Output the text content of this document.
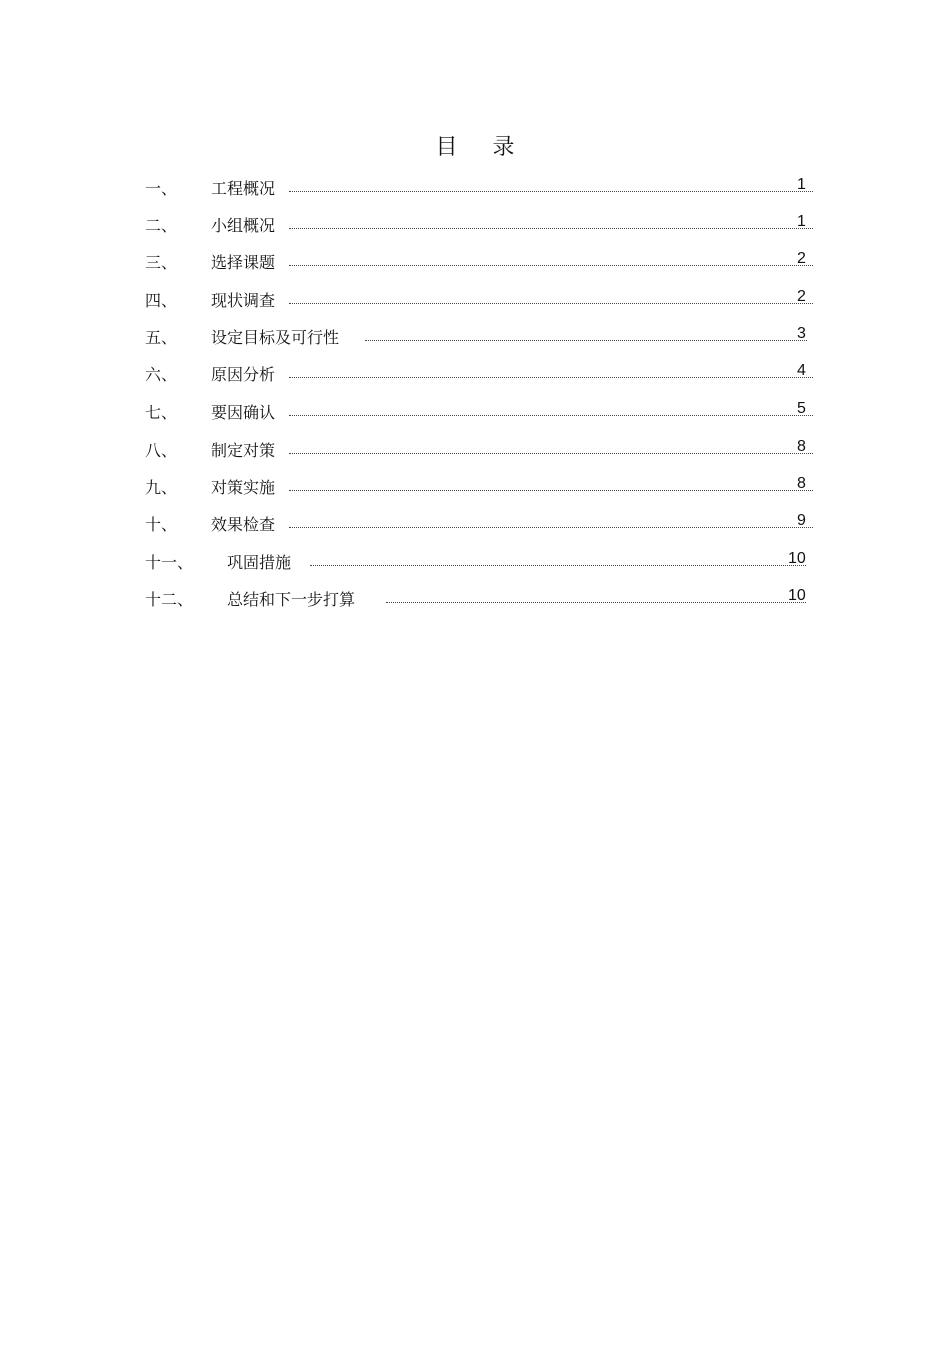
目 录
一、 工程概况	1
二、 小组概况	1
三、 选择课题	2
四、 现状调查	2
五、 设定目标及可行性	3
六、 原因分析	4
七、 要因确认	5
八、 制定对策	8
九、 对策实施	8
十、 效果检查	9
十一、 巩固措施	10
十二、 总结和下一步打算	10
